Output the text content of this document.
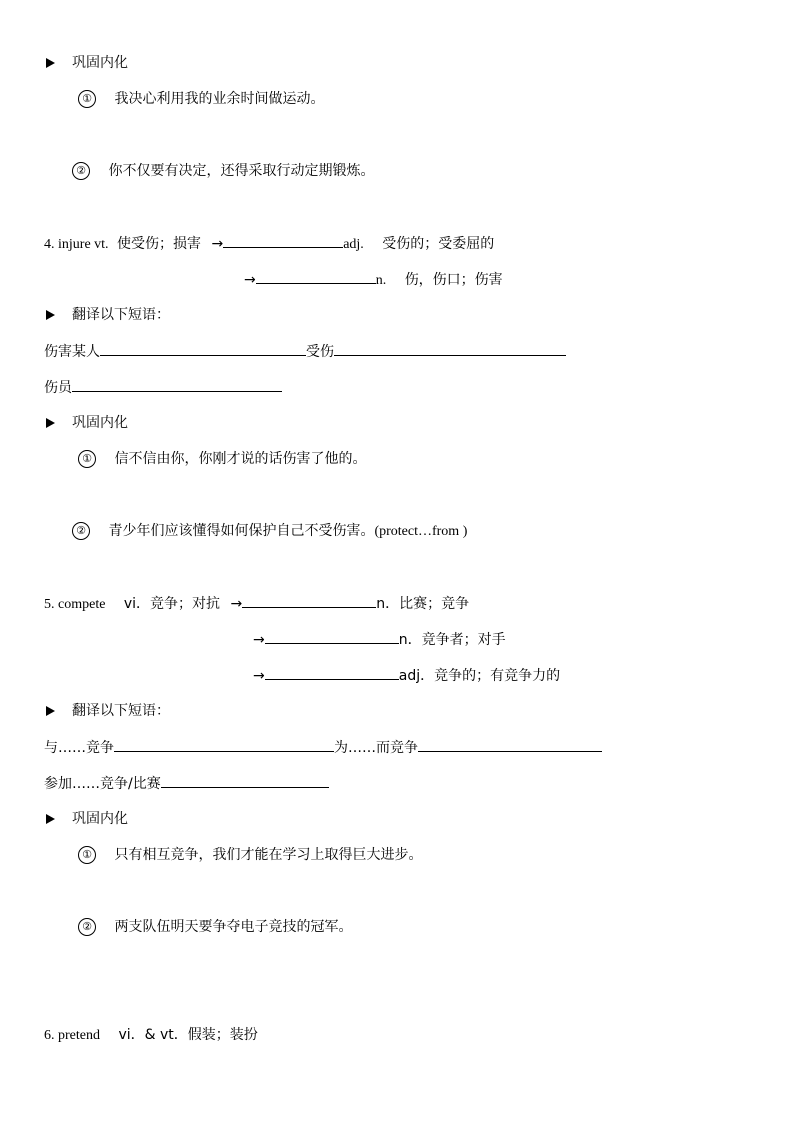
巩固内化
① 我决心利用我的业余时间做运动。
② 你不仅要有决定，还得采取行动定期锻炼。
4. injure vt. 使受伤；损害 →	adj. 受伤的；受委屈的
→	n. 伤，伤口；伤害
翻译以下短语：
伤害某人	受伤
伤员
巩固内化
① 信不信由你，你刚才说的话伤害了他的。
② 青少年们应该懂得如何保护自己不受伤害。(protect…from )
5. compete vi．竞争；对抗 →	n．比赛；竞争
→	n．竞争者；对手
→	adj．竞争的；有竞争力的
翻译以下短语：
与……竞争	为……而竞争
参加……竞争/比赛
巩固内化
① 只有相互竞争，我们才能在学习上取得巨大进步。
② 两支队伍明天要争夺电子竞技的冠军。
6. pretend vi．& vt．假装；装扮
